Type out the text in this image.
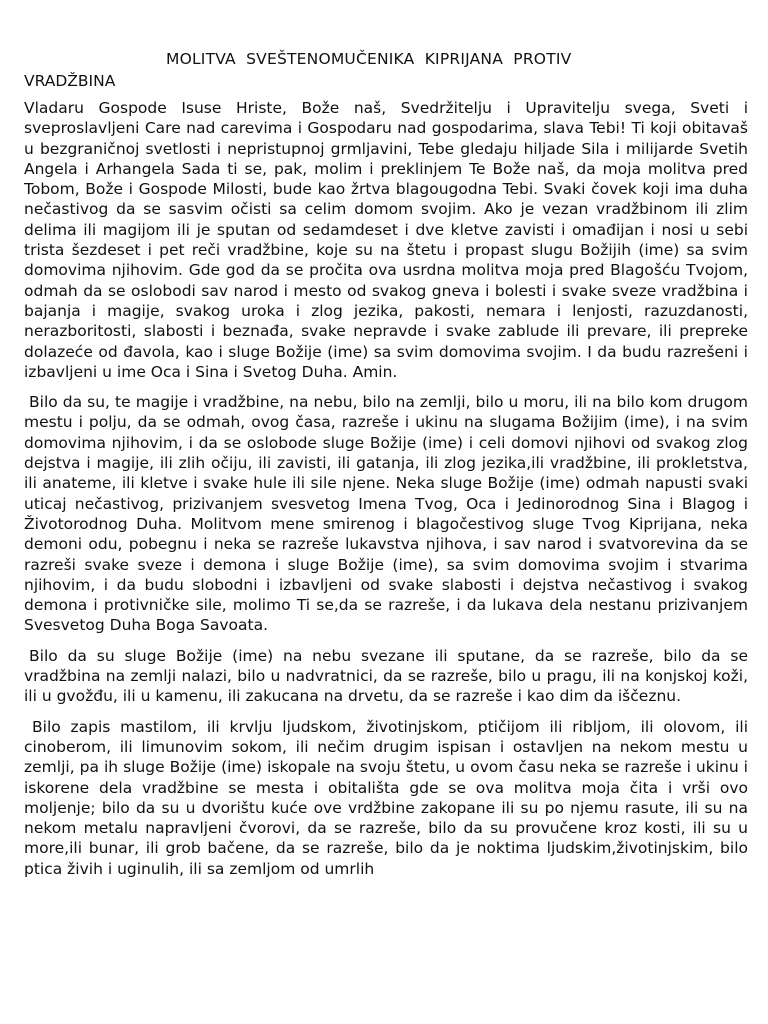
MOLITVA  SVEŠTENOMUČENIKA  KIPRIJANA  PROTIV
VRADŽBINA

Vladaru Gospode Isuse Hriste, Bože naš, Svedržitelju i Upravitelju svega, Sveti i sveproslavljeni Care nad carevima i Gospodaru nad gospodarima, slava Tebi! Ti koji obitavaš u bezgraničnoj svetlosti i nepristupnoj grmljavini, Tebe gledaju hiljade Sila i milijarde Svetih Angela i Arhangela Sada ti se, pak, molim i preklinjem Te Bože naš, da moja molitva pred Tobom, Bože i Gospode Milosti, bude kao žrtva blagougodna Tebi. Svaki čovek koji ima duha nečastivog da se sasvim očisti sa celim domom svojim. Ako je vezan vradžbinom ili zlim delima ili magijom ili je sputan od sedamdeset i dve kletve zavisti i omađijan i nosi u sebi trista šezdeset i pet reči vradžbine, koje su na štetu i propast slugu Božijih (ime) sa svim domovima njihovim. Gde god da se pročita ova usrdna molitva moja pred Blagošću Tvojom, odmah da se oslobodi sav narod i mesto od svakog gneva i bolesti i svake sveze vradžbina i bajanja i magije, svakog uroka i zlog jezika, pakosti, nemara i lenjosti, razuzdanosti, nerazboritosti, slabosti i beznađa, svake nepravde i svake zablude ili prevare, ili prepreke dolazeće od đavola, kao i sluge Božije (ime) sa svim domovima svojim. I da budu razrešeni i izbavljeni u ime Oca i Sina i Svetog Duha. Amin.

Bilo da su, te magije i vradžbine, na nebu, bilo na zemlji, bilo u moru, ili na bilo kom drugom mestu i polju, da se odmah, ovog časa, razreše i ukinu na slugama Božijim (ime), i na svim domovima njihovim, i da se oslobode sluge Božije (ime) i celi domovi njihovi od svakog zlog dejstva i magije, ili zlih očiju, ili zavisti, ili gatanja, ili zlog jezika,ili vradžbine, ili prokletstva, ili anateme, ili kletve i svake hule ili sile njene. Neka sluge Božije (ime) odmah napusti svaki uticaj nečastivog, prizivanjem svesvetog Imena Tvog, Oca i Jedinorodnog Sina i Blagog i Životorodnog Duha. Molitvom mene smirenog i blagočestivog sluge Tvog Kiprijana, neka demoni odu, pobegnu i neka se razreše lukavstva njihova, i sav narod i svatvorevina da se razreši svake sveze i demona i sluge Božije (ime), sa svim domovima svojim i stvarima njihovim, i da budu slobodni i izbavljeni od svake slabosti i dejstva nečastivog i svakog demona i protivničke sile, molimo Ti se,da se razreše, i da lukava dela nestanu prizivanjem Svesvetog Duha Boga Savoata.

Bilo da su sluge Božije (ime) na nebu svezane ili sputane, da se razreše, bilo da se vradžbina na zemlji nalazi, bilo u nadvratnici, da se razreše, bilo u pragu, ili na konjskoj koži, ili u gvožđu, ili u kamenu, ili zakucana na drvetu, da se razreše i kao dim da iščeznu.

Bilo zapis mastilom, ili krvlju ljudskom, životinjskom, ptičijom ili ribljom, ili olovom, ili cinoberom, ili limunovim sokom, ili nečim drugim ispisan i ostavljen na nekom mestu u zemlji, pa ih sluge Božije (ime) iskopale na svoju štetu, u ovom času neka se razreše i ukinu i iskorene dela vradžbine se mesta i obitališta gde se ova molitva moja čita i vrši ovo moljenje; bilo da su u dvorištu kuće ove vrdžbine zakopane ili su po njemu rasute, ili su na nekom metalu napravljeni čvorovi, da se razreše, bilo da su provučene kroz kosti, ili su u more,ili bunar, ili grob bačene, da se razreše, bilo da je noktima ljudskim,životinjskim, bilo ptica živih i uginulih, ili sa zemljom od umrlih
